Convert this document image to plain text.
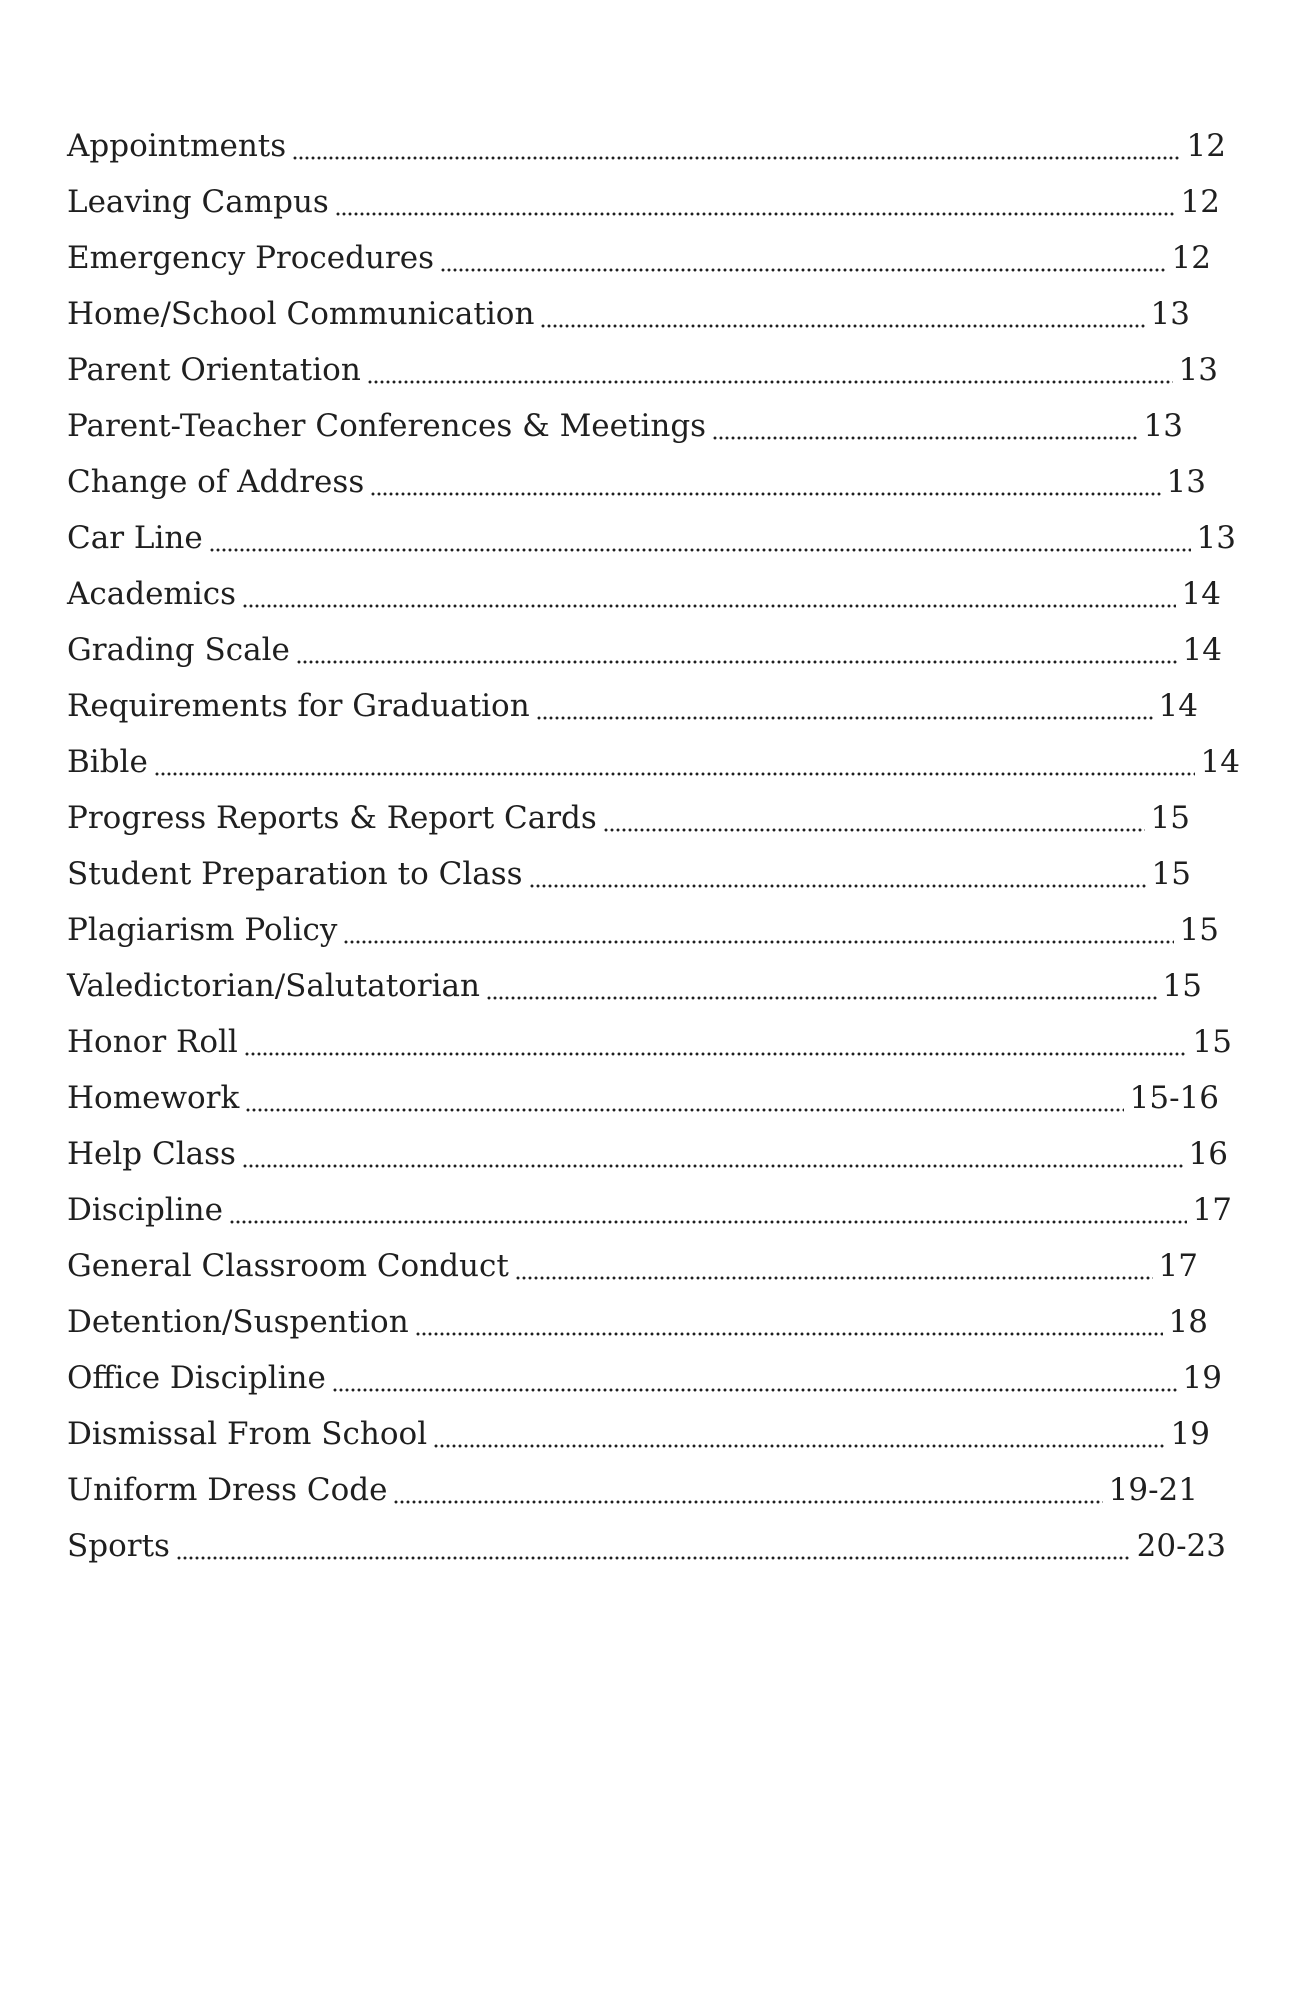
Appointments	12
Leaving Campus	12
Emergency Procedures	12
Home/School Communication	13
Parent Orientation	13
Parent-Teacher Conferences & Meetings	13
Change of Address	13
Car Line	13
Academics	14
Grading Scale	14
Requirements for Graduation	14
Bible	14
Progress Reports & Report Cards	15
Student Preparation to Class	15
Plagiarism Policy	15
Valedictorian/Salutatorian	15
Honor Roll	15
Homework	15-16
Help Class	16
Discipline	17
General Classroom Conduct	17
Detention/Suspention	18
Office Discipline	19
Dismissal From School	19
Uniform Dress Code	19-21
Sports	20-23
